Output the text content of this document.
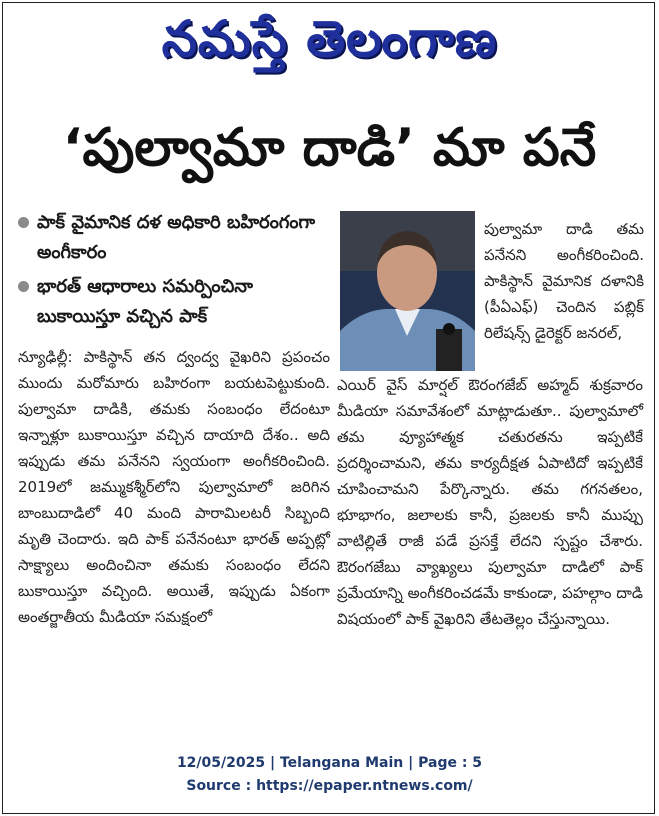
నమస్తే తెలంగాణ
‘పుల్వామా దాడి’ మా పనే
పాక్ వైమానిక దళ అధికారి బహిరంగంగా అంగీకారం
భారత్ ఆధారాలు సమర్పించినా బుకాయిస్తూ వచ్చిన పాక్
న్యూఢిల్లీ: పాకిస్థాన్ తన ద్వంద్వ వైఖరిని ప్రపంచం ముందు మరోమారు బహిరంగా బయటపెట్టుకుంది. పుల్వామా దాడికి, తమకు సంబంధం లేదంటూ ఇన్నాళ్లూ బుకాయిస్తూ వచ్చిన దాయాది దేశం.. అది ఇప్పుడు తమ పనేనని స్వయంగా అంగీకరించింది. 2019లో జమ్ముకశ్మీర్‌లోని పుల్వామాలో జరిగిన బాంబుదాడిలో 40 మంది పారామిలటరీ సిబ్బంది మృతి చెందారు. ఇది పాక్ పనేనంటూ భారత్ అప్పట్లో సాక్ష్యాలు అందించినా తమకు సంబంధం లేదని బుకాయిస్తూ వచ్చింది. అయితే, ఇప్పుడు ఏకంగా అంతర్జాతీయ మీడియా సమక్షంలో
పుల్వామా దాడి తమ పనేనని అంగీకరించింది. పాకిస్థాన్ వైమానిక దళానికి (పీఏఎఫ్) చెందిన పబ్లిక్ రిలేషన్స్ డైరెక్టర్ జనరల్,
ఎయిర్ వైస్ మార్షల్ ఔరంగజేబ్ అహ్మద్ శుక్రవారం మీడియా సమావేశంలో మాట్లాడుతూ.. పుల్వామాలో తమ వ్యూహాత్మక చతురతను ఇప్పటికే ప్రదర్శించామని, తమ కార్యదీక్షత ఏపాటిదో ఇప్పటికే చూపించామని పేర్కొన్నారు. తమ గగనతలం, భూభాగం, జలాలకు కానీ, ప్రజలకు కానీ ముప్పు వాటిల్లితే రాజీ పడే ప్రసక్తే లేదని స్పష్టం చేశారు. ఔరంగజేబు వ్యాఖ్యలు పుల్వామా దాడిలో పాక్ ప్రమేయాన్ని అంగీకరించడమే కాకుండా, పహల్గాం దాడి విషయంలో పాక్ వైఖరిని తేటతెల్లం చేస్తున్నాయి.
12/05/2025 | Telangana Main | Page : 5
Source : https://epaper.ntnews.com/
